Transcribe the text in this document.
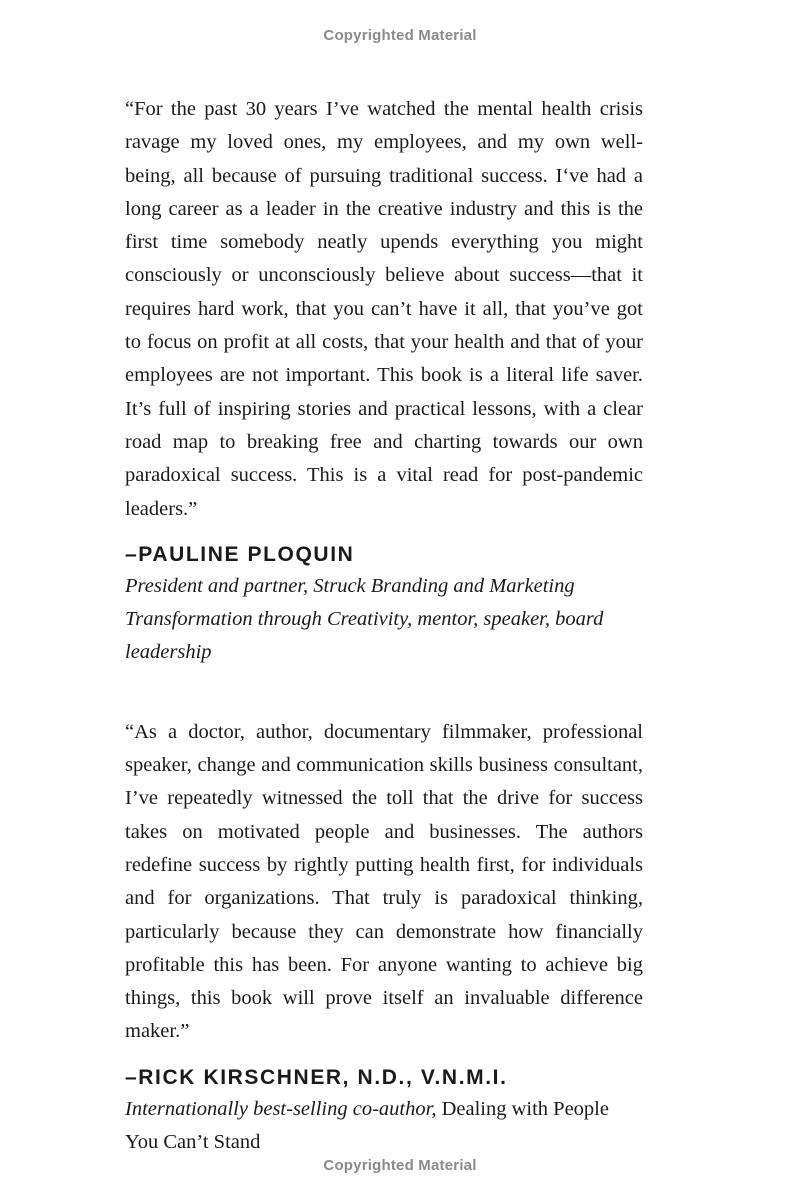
Copyrighted Material

“For the past 30 years I’ve watched the mental health crisis ravage my loved ones, my employees, and my own well-being, all because of pursuing traditional success. I‘ve had a long career as a leader in the creative industry and this is the first time somebody neatly upends everything you might consciously or unconsciously believe about success—that it requires hard work, that you can’t have it all, that you’ve got to focus on profit at all costs, that your health and that of your employees are not important. This book is a literal life saver. It’s full of inspiring stories and practical lessons, with a clear road map to breaking free and charting towards our own paradoxical success. This is a vital read for post-pandemic leaders.”

–PAULINE PLOQUIN

President and partner, Struck Branding and Marketing Transformation through Creativity, mentor, speaker, board leadership

“As a doctor, author, documentary filmmaker, professional speaker, change and communication skills business consultant, I’ve repeatedly witnessed the toll that the drive for success takes on motivated people and businesses. The authors redefine success by rightly putting health first, for individuals and for organizations. That truly is paradoxical thinking, particularly because they can demonstrate how financially profitable this has been. For anyone wanting to achieve big things, this book will prove itself an invaluable difference maker.”

–RICK KIRSCHNER, N.D., V.N.M.I.

Internationally best-selling co-author, Dealing with People You Can’t Stand

Copyrighted Material
